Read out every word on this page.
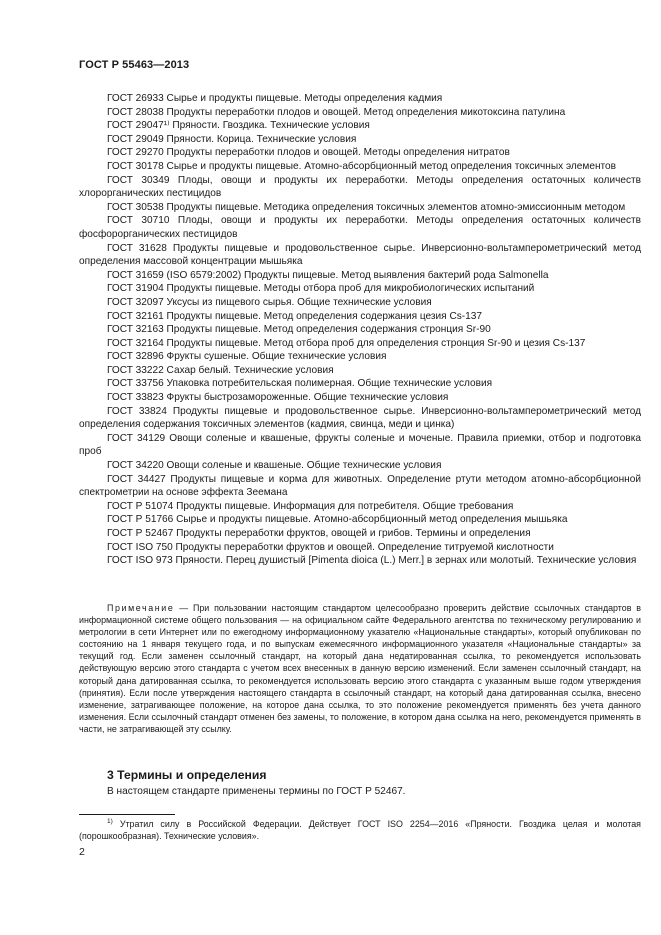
ГОСТ Р 55463—2013

ГОСТ 26933 Сырье и продукты пищевые. Методы определения кадмия

ГОСТ 28038 Продукты переработки плодов и овощей. Метод определения микотоксина патулина

ГОСТ 29047¹⁾ Пряности. Гвоздика. Технические условия

ГОСТ 29049 Пряности. Корица. Технические условия

ГОСТ 29270 Продукты переработки плодов и овощей. Методы определения нитратов

ГОСТ 30178 Сырье и продукты пищевые. Атомно-абсорбционный метод определения токсичных элементов

ГОСТ 30349 Плоды, овощи и продукты их переработки. Методы определения остаточных количеств хлорорганических пестицидов

ГОСТ 30538 Продукты пищевые. Методика определения токсичных элементов атомно-эмиссионным методом

ГОСТ 30710 Плоды, овощи и продукты их переработки. Методы определения остаточных количеств фосфорорганических пестицидов

ГОСТ 31628 Продукты пищевые и продовольственное сырье. Инверсионно-вольтамперометрический метод определения массовой концентрации мышьяка

ГОСТ 31659 (ISO 6579:2002) Продукты пищевые. Метод выявления бактерий рода Salmonella

ГОСТ 31904 Продукты пищевые. Методы отбора проб для микробиологических испытаний

ГОСТ 32097 Уксусы из пищевого сырья. Общие технические условия

ГОСТ 32161 Продукты пищевые. Метод определения содержания цезия Cs-137

ГОСТ 32163 Продукты пищевые. Метод определения содержания стронция Sr-90

ГОСТ 32164 Продукты пищевые. Метод отбора проб для определения стронция Sr-90 и цезия Cs-137

ГОСТ 32896 Фрукты сушеные. Общие технические условия

ГОСТ 33222 Сахар белый. Технические условия

ГОСТ 33756 Упаковка потребительская полимерная. Общие технические условия

ГОСТ 33823 Фрукты быстрозамороженные. Общие технические условия

ГОСТ 33824 Продукты пищевые и продовольственное сырье. Инверсионно-вольтамперометрический метод определения содержания токсичных элементов (кадмия, свинца, меди и цинка)

ГОСТ 34129 Овощи соленые и квашеные, фрукты соленые и моченые. Правила приемки, отбор и подготовка проб

ГОСТ 34220 Овощи соленые и квашеные. Общие технические условия

ГОСТ 34427 Продукты пищевые и корма для животных. Определение ртути методом атомно-абсорбционной спектрометрии на основе эффекта Зеемана

ГОСТ Р 51074 Продукты пищевые. Информация для потребителя. Общие требования

ГОСТ Р 51766 Сырье и продукты пищевые. Атомно-абсорбционный метод определения мышьяка

ГОСТ Р 52467 Продукты переработки фруктов, овощей и грибов. Термины и определения

ГОСТ ISO 750 Продукты переработки фруктов и овощей. Определение титруемой кислотности

ГОСТ ISO 973 Пряности. Перец душистый [Pimenta dioica (L.) Merr.] в зернах или молотый. Технические условия

Примечание — При пользовании настоящим стандартом целесообразно проверить действие ссылочных стандартов в информационной системе общего пользования — на официальном сайте Федерального агентства по техническому регулированию и метрологии в сети Интернет или по ежегодному информационному указателю «Национальные стандарты», который опубликован по состоянию на 1 января текущего года, и по выпускам ежемесячного информационного указателя «Национальные стандарты» за текущий год. Если заменен ссылочный стандарт, на который дана недатированная ссылка, то рекомендуется использовать действующую версию этого стандарта с учетом всех внесенных в данную версию изменений. Если заменен ссылочный стандарт, на который дана датированная ссылка, то рекомендуется использовать версию этого стандарта с указанным выше годом утверждения (принятия). Если после утверждения настоящего стандарта в ссылочный стандарт, на который дана датированная ссылка, внесено изменение, затрагивающее положение, на которое дана ссылка, то это положение рекомендуется применять без учета данного изменения. Если ссылочный стандарт отменен без замены, то положение, в котором дана ссылка на него, рекомендуется применять в части, не затрагивающей эту ссылку.

3 Термины и определения

В настоящем стандарте применены термины по ГОСТ Р 52467.

$^{1)}$ Утратил силу в Российской Федерации. Действует ГОСТ ISO 2254—2016 «Пряности. Гвоздика целая и молотая (порошкообразная). Технические условия».

2
